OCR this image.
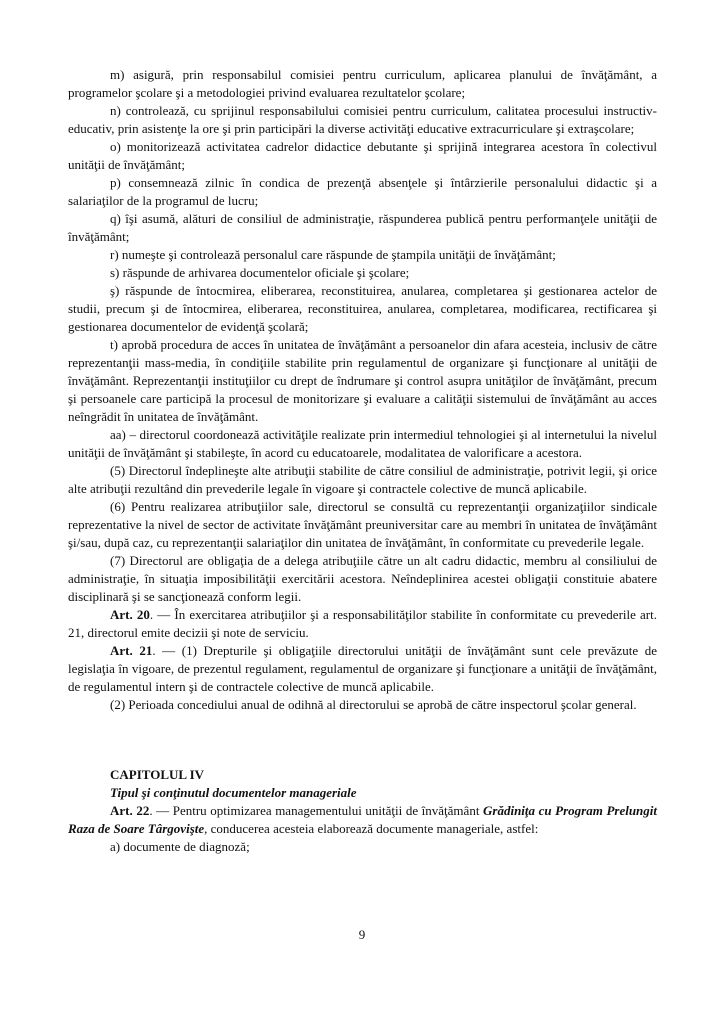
m) asigură, prin responsabilul comisiei pentru curriculum, aplicarea planului de învăţământ, a programelor şcolare şi a metodologiei privind evaluarea rezultatelor şcolare;

n) controlează, cu sprijinul responsabilului comisiei pentru curriculum, calitatea procesului instructiv-educativ, prin asistenţe la ore şi prin participări la diverse activităţi educative extracurriculare şi extraşcolare;

o) monitorizează activitatea cadrelor didactice debutante şi sprijină integrarea acestora în colectivul unităţii de învăţământ;

p) consemnează zilnic în condica de prezenţă absenţele şi întârzierile personalului didactic şi a salariaţilor de la programul de lucru;

q) îşi asumă, alături de consiliul de administraţie, răspunderea publică pentru performanţele unităţii de învăţământ;

r) numeşte şi controlează personalul care răspunde de ştampila unităţii de învăţământ;

s) răspunde de arhivarea documentelor oficiale şi şcolare;

ş) răspunde de întocmirea, eliberarea, reconstituirea, anularea, completarea şi gestionarea actelor de studii, precum şi de întocmirea, eliberarea, reconstituirea, anularea, completarea, modificarea, rectificarea şi gestionarea documentelor de evidenţă şcolară;

t) aprobă procedura de acces în unitatea de învăţământ a persoanelor din afara acesteia, inclusiv de către reprezentanţii mass-media, în condiţiile stabilite prin regulamentul de organizare şi funcţionare al unităţii de învăţământ. Reprezentanţii instituţiilor cu drept de îndrumare şi control asupra unităţilor de învăţământ, precum şi persoanele care participă la procesul de monitorizare şi evaluare a calităţii sistemului de învăţământ au acces neîngrădit în unitatea de învăţământ.

aa) – directorul coordonează activităţile realizate prin intermediul tehnologiei şi al internetului la nivelul unităţii de învăţământ şi stabileşte, în acord cu educatoarele, modalitatea de valorificare a acestora.

(5) Directorul îndeplineşte alte atribuţii stabilite de către consiliul de administraţie, potrivit legii, şi orice alte atribuţii rezultând din prevederile legale în vigoare şi contractele colective de muncă aplicabile.

(6) Pentru realizarea atribuţiilor sale, directorul se consultă cu reprezentanţii organizaţiilor sindicale reprezentative la nivel de sector de activitate învăţământ preuniversitar care au membri în unitatea de învăţământ şi/sau, după caz, cu reprezentanţii salariaţilor din unitatea de învăţământ, în conformitate cu prevederile legale.

(7) Directorul are obligaţia de a delega atribuţiile către un alt cadru didactic, membru al consiliului de administraţie, în situaţia imposibilităţii exercitării acestora. Neîndeplinirea acestei obligaţii constituie abatere disciplinară şi se sancţionează conform legii.

Art. 20. — În exercitarea atribuţiilor şi a responsabilităţilor stabilite în conformitate cu prevederile art. 21, directorul emite decizii şi note de serviciu.

Art. 21. — (1) Drepturile şi obligaţiile directorului unităţii de învăţământ sunt cele prevăzute de legislaţia în vigoare, de prezentul regulament, regulamentul de organizare şi funcţionare a unităţii de învăţământ, de regulamentul intern şi de contractele colective de muncă aplicabile.

(2) Perioada concediului anual de odihnă al directorului se aprobă de către inspectorul şcolar general.

CAPITOLUL IV

Tipul şi conţinutul documentelor manageriale

Art. 22. — Pentru optimizarea managementului unităţii de învăţământ Grădiniţa cu Program Prelungit Raza de Soare Târgovişte, conducerea acesteia elaborează documente manageriale, astfel:

a) documente de diagnoză;

9
